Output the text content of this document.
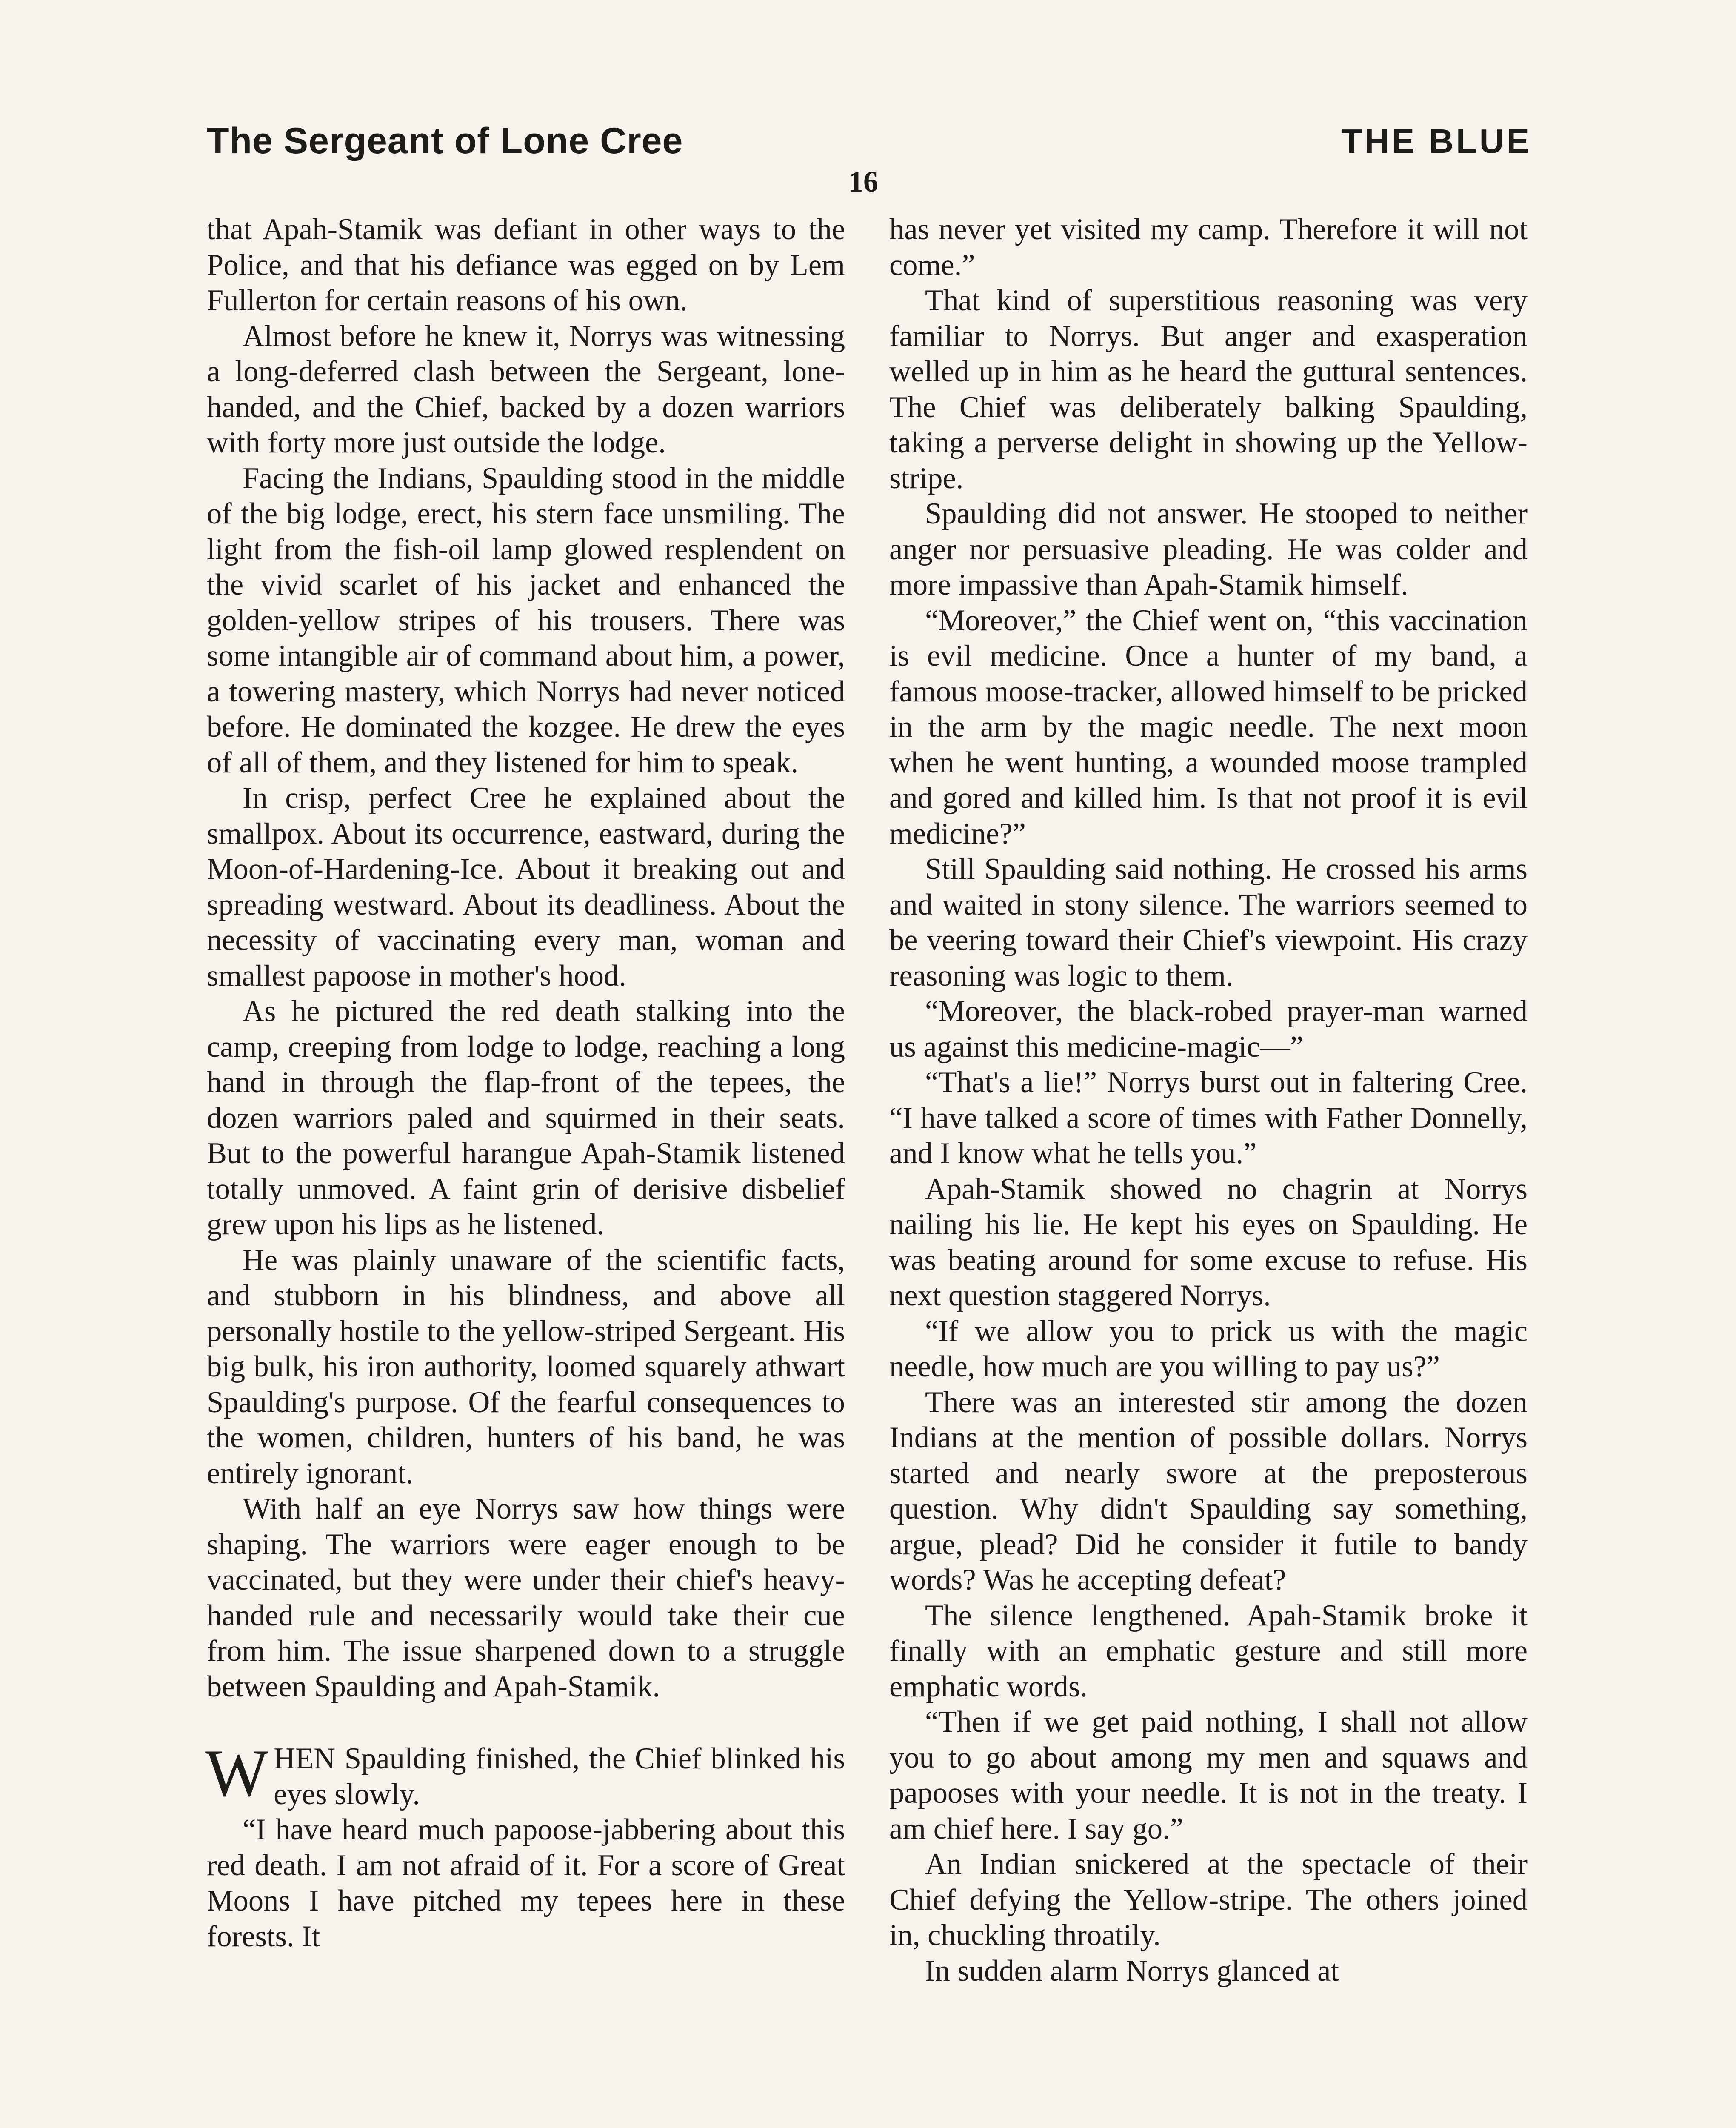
The Sergeant of Lone Cree	THE BLUE
16

that Apah-Stamik was defiant in other ways to the Police, and that his defiance was egged on by Lem Fullerton for certain reasons of his own.

Almost before he knew it, Norrys was witnessing a long-deferred clash between the Sergeant, lone-handed, and the Chief, backed by a dozen warriors with forty more just outside the lodge.

Facing the Indians, Spaulding stood in the middle of the big lodge, erect, his stern face unsmiling. The light from the fish-oil lamp glowed resplendent on the vivid scarlet of his jacket and enhanced the golden-yellow stripes of his trousers. There was some intangible air of command about him, a power, a towering mastery, which Norrys had never noticed before. He dominated the kozgee. He drew the eyes of all of them, and they listened for him to speak.

In crisp, perfect Cree he explained about the smallpox. About its occurrence, eastward, during the Moon-of-Hardening-Ice. About it breaking out and spreading westward. About its deadliness. About the necessity of vaccinating every man, woman and smallest papoose in mother's hood.

As he pictured the red death stalking into the camp, creeping from lodge to lodge, reaching a long hand in through the flap-front of the tepees, the dozen warriors paled and squirmed in their seats. But to the powerful harangue Apah-Stamik listened totally unmoved. A faint grin of derisive disbelief grew upon his lips as he listened.

He was plainly unaware of the scientific facts, and stubborn in his blindness, and above all personally hostile to the yellow-striped Sergeant. His big bulk, his iron authority, loomed squarely athwart Spaulding's purpose. Of the fearful consequences to the women, children, hunters of his band, he was entirely ignorant.

With half an eye Norrys saw how things were shaping. The warriors were eager enough to be vaccinated, but they were under their chief's heavy-handed rule and necessarily would take their cue from him. The issue sharpened down to a struggle between Spaulding and Apah-Stamik.

WHEN Spaulding finished, the Chief blinked his eyes slowly.

“I have heard much papoose-jabbering about this red death. I am not afraid of it. For a score of Great Moons I have pitched my tepees here in these forests. It

has never yet visited my camp. Therefore it will not come.”

That kind of superstitious reasoning was very familiar to Norrys. But anger and exasperation welled up in him as he heard the guttural sentences. The Chief was deliberately balking Spaulding, taking a perverse delight in showing up the Yellow-stripe.

Spaulding did not answer. He stooped to neither anger nor persuasive pleading. He was colder and more impassive than Apah-Stamik himself.

“Moreover,” the Chief went on, “this vaccination is evil medicine. Once a hunter of my band, a famous moose-tracker, allowed himself to be pricked in the arm by the magic needle. The next moon when he went hunting, a wounded moose trampled and gored and killed him. Is that not proof it is evil medicine?”

Still Spaulding said nothing. He crossed his arms and waited in stony silence. The warriors seemed to be veering toward their Chief's viewpoint. His crazy reasoning was logic to them.

“Moreover, the black-robed prayer-man warned us against this medicine-magic—”

“That's a lie!” Norrys burst out in faltering Cree. “I have talked a score of times with Father Donnelly, and I know what he tells you.”

Apah-Stamik showed no chagrin at Norrys nailing his lie. He kept his eyes on Spaulding. He was beating around for some excuse to refuse. His next question staggered Norrys.

“If we allow you to prick us with the magic needle, how much are you willing to pay us?”

There was an interested stir among the dozen Indians at the mention of possible dollars. Norrys started and nearly swore at the preposterous question. Why didn't Spaulding say something, argue, plead? Did he consider it futile to bandy words? Was he accepting defeat?

The silence lengthened. Apah-Stamik broke it finally with an emphatic gesture and still more emphatic words.

“Then if we get paid nothing, I shall not allow you to go about among my men and squaws and papooses with your needle. It is not in the treaty. I am chief here. I say go.”

An Indian snickered at the spectacle of their Chief defying the Yellow-stripe. The others joined in, chuckling throatily.

In sudden alarm Norrys glanced at
